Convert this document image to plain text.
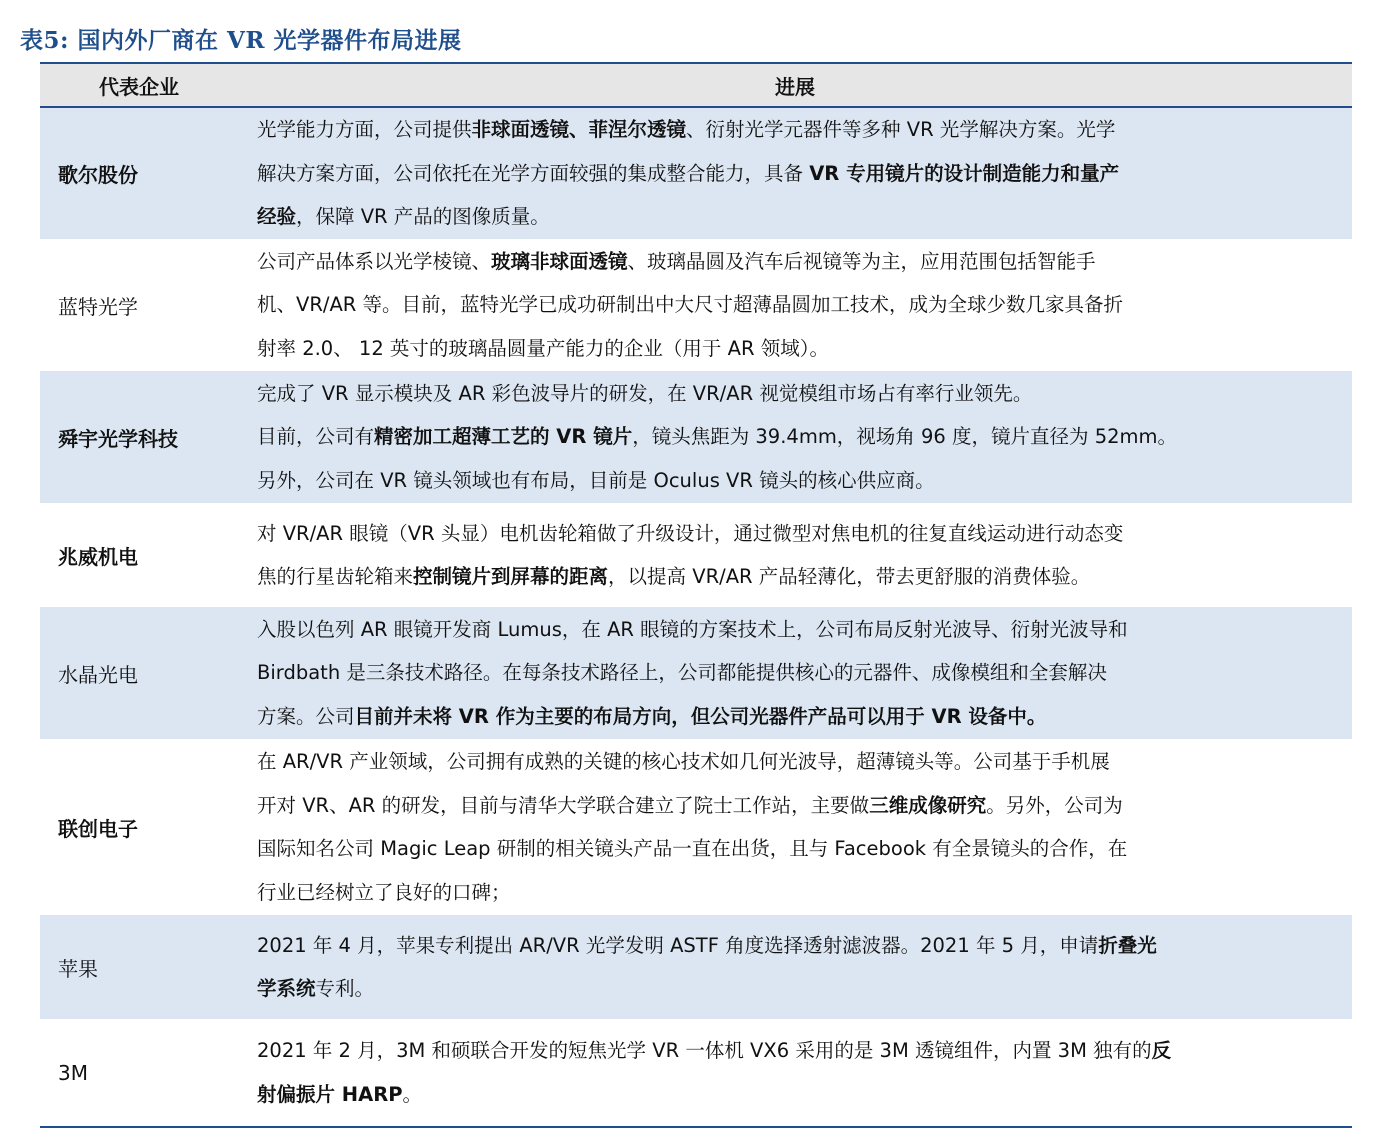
表5: 国内外厂商在 VR 光学器件布局进展
代表企业	进展
歌尔股份	光学能力方面，公司提供非球面透镜、菲涅尔透镜、衍射光学元器件等多种 VR 光学解决方案。光学
解决方案方面，公司依托在光学方面较强的集成整合能力，具备 VR 专用镜片的设计制造能力和量产
经验，保障 VR 产品的图像质量。

蓝特光学	公司产品体系以光学棱镜、玻璃非球面透镜、玻璃晶圆及汽车后视镜等为主，应用范围包括智能手
机、VR/AR 等。目前，蓝特光学已成功研制出中大尺寸超薄晶圆加工技术，成为全球少数几家具备折
射率 2.0、 12 英寸的玻璃晶圆量产能力的企业（用于 AR 领域）。

舜宇光学科技	完成了 VR 显示模块及 AR 彩色波导片的研发，在 VR/AR 视觉模组市场占有率行业领先。
目前，公司有精密加工超薄工艺的 VR 镜片，镜头焦距为 39.4mm，视场角 96 度，镜片直径为 52mm。
另外，公司在 VR 镜头领域也有布局，目前是 Oculus VR 镜头的核心供应商。

兆威机电	对 VR/AR 眼镜（VR 头显）电机齿轮箱做了升级设计，通过微型对焦电机的往复直线运动进行动态变
焦的行星齿轮箱来控制镜片到屏幕的距离，以提高 VR/AR 产品轻薄化，带去更舒服的消费体验。

水晶光电	入股以色列 AR 眼镜开发商 Lumus，在 AR 眼镜的方案技术上，公司布局反射光波导、衍射光波导和
Birdbath 是三条技术路径。在每条技术路径上，公司都能提供核心的元器件、成像模组和全套解决
方案。公司目前并未将 VR 作为主要的布局方向，但公司光器件产品可以用于 VR 设备中。

联创电子	在 AR/VR 产业领域，公司拥有成熟的关键的核心技术如几何光波导，超薄镜头等。公司基于手机展
开对 VR、AR 的研发，目前与清华大学联合建立了院士工作站，主要做三维成像研究。另外，公司为
国际知名公司 Magic Leap 研制的相关镜头产品一直在出货，且与 Facebook 有全景镜头的合作，在
行业已经树立了良好的口碑；

苹果	2021 年 4 月，苹果专利提出 AR/VR 光学发明 ASTF 角度选择透射滤波器。2021 年 5 月，申请折叠光
学系统专利。

3M	2021 年 2 月，3M 和硕联合开发的短焦光学 VR 一体机 VX6 采用的是 3M 透镜组件，内置 3M 独有的反
射偏振片 HARP。
